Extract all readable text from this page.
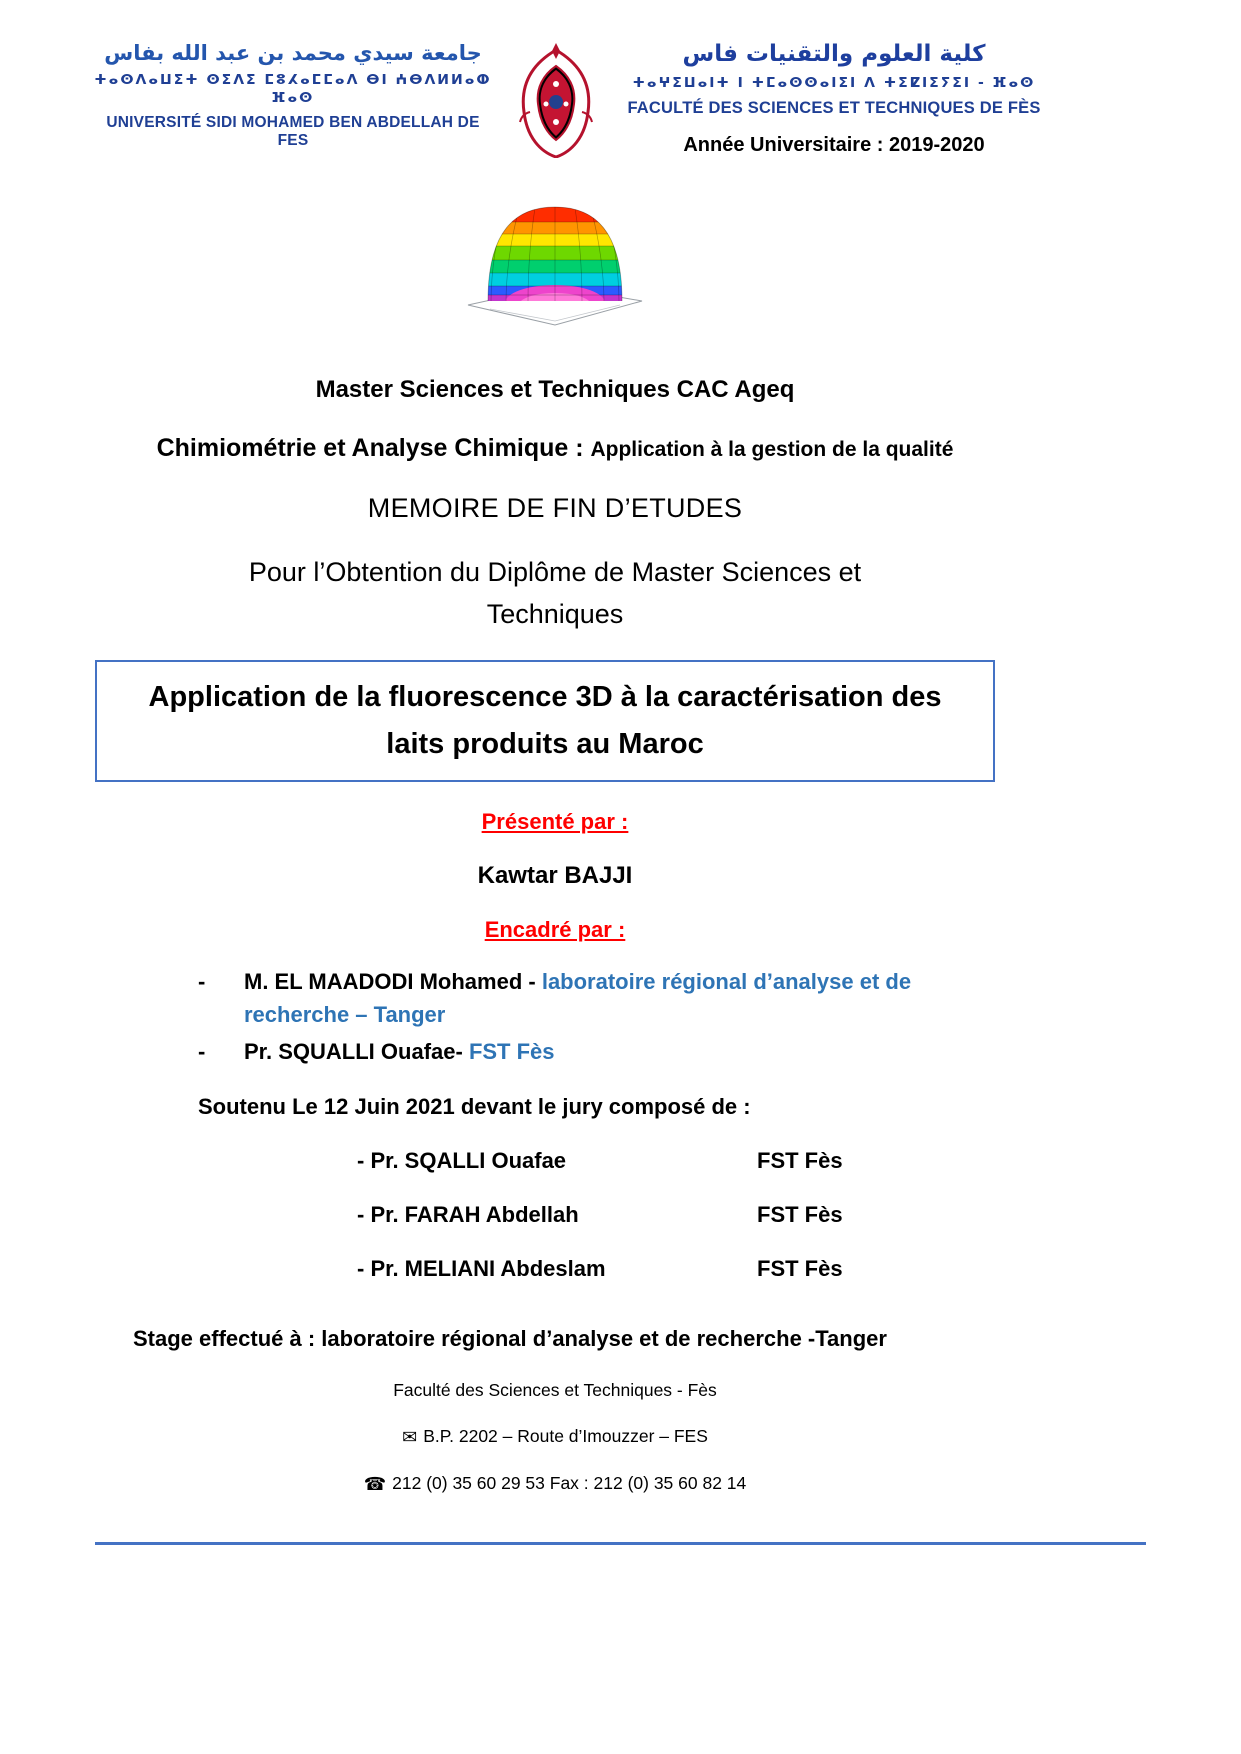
جامعة سيدي محمد بن عبد الله بفاس
ⵜⴰⵙⴷⴰⵡⵉⵜ ⵙⵉⴷⵉ ⵎⵓⵃⴰⵎⵎⴰⴷ ⴱⵏ ⵄⴱⴷⵍⵍⴰⵀ ⴼⴰⵙ
UNIVERSITÉ SIDI MOHAMED BEN ABDELLAH DE FES
كلية العلوم والتقنيات فاس
ⵜⴰⵖⵉⵡⴰⵏⵜ ⵏ ⵜⵎⴰⵙⵙⴰⵏⵉⵏ ⴷ ⵜⵉⵇⵏⵉⵢⵉⵏ - ⴼⴰⵙ
FACULTÉ DES SCIENCES ET TECHNIQUES DE FÈS
Année Universitaire : 2019-2020
Master Sciences et Techniques CAC Ageq
Chimiométrie et Analyse Chimique : Application à la gestion de la qualité
MEMOIRE DE FIN D’ETUDES
Pour l’Obtention du Diplôme de Master Sciences et Techniques
Application de la fluorescence 3D à la caractérisation des laits produits au Maroc
Présenté par :
Kawtar BAJJI
Encadré par :
-	M. EL MAADODI Mohamed - laboratoire régional d’analyse et de recherche – Tanger
-	Pr. SQUALLI Ouafae- FST Fès
Soutenu Le 12 Juin 2021 devant le jury composé de :
- Pr. SQALLI Ouafae	FST Fès
- Pr. FARAH Abdellah	FST Fès
- Pr. MELIANI Abdeslam	FST Fès
Stage effectué à : laboratoire régional d’analyse et de recherche -Tanger
Faculté des Sciences et Techniques - Fès
✉ B.P. 2202 – Route d’Imouzzer – FES
☎ 212 (0) 35 60 29 53 Fax : 212 (0) 35 60 82 14
